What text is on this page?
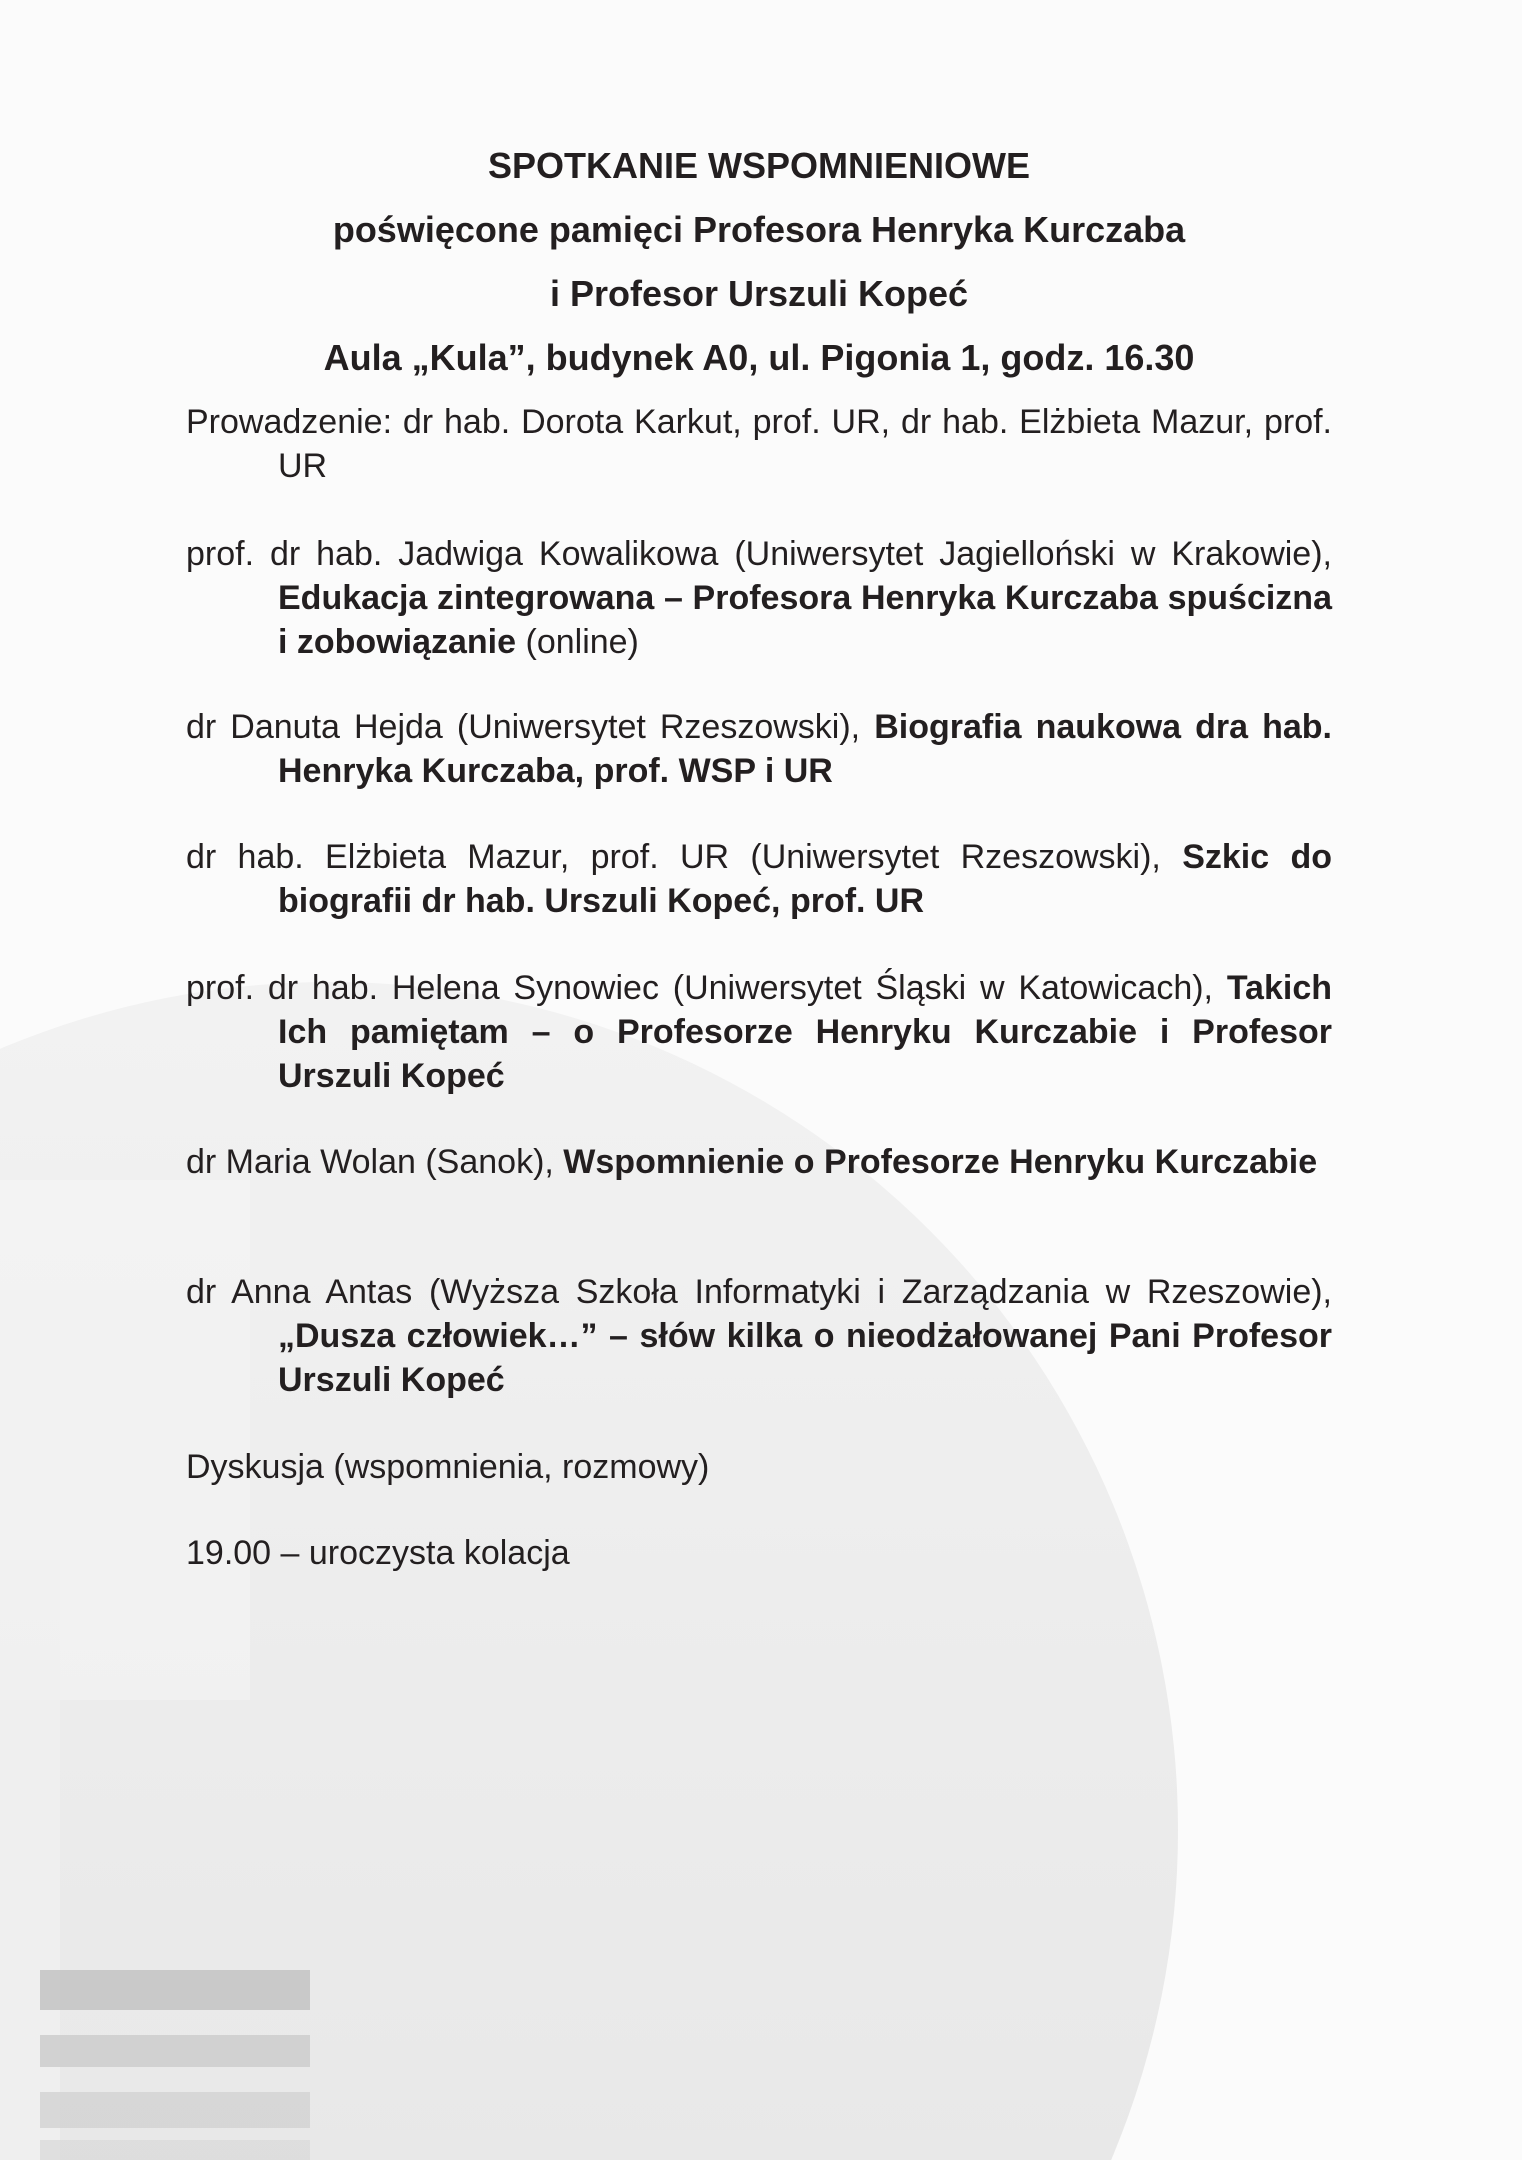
SPOTKANIE WSPOMNIENIOWE
poświęcone pamięci Profesora Henryka Kurczaba
i Profesor Urszuli Kopeć
Aula „Kula”, budynek A0, ul. Pigonia 1, godz. 16.30
Prowadzenie: dr hab. Dorota Karkut, prof. UR, dr hab. Elżbieta Mazur, prof. UR
prof. dr hab. Jadwiga Kowalikowa (Uniwersytet Jagielloński w Krakowie), Edukacja zintegrowana – Profesora Henryka Kurczaba spuścizna i zobowiązanie (online)
dr Danuta Hejda (Uniwersytet Rzeszowski), Biografia naukowa dra hab. Henryka Kurczaba, prof. WSP i UR
dr hab. Elżbieta Mazur, prof. UR (Uniwersytet Rzeszowski), Szkic do biografii dr hab. Urszuli Kopeć, prof. UR
prof. dr hab. Helena Synowiec (Uniwersytet Śląski w Katowicach), Takich Ich pamiętam – o Profesorze Henryku Kurczabie i Profesor Urszuli Kopeć
dr Maria Wolan (Sanok), Wspomnienie o Profesorze Henryku Kurczabie
dr Anna Antas (Wyższa Szkoła Informatyki i Zarządzania w Rzeszowie), „Dusza człowiek…” – słów kilka o nieodżałowanej Pani Profesor Urszuli Kopeć
Dyskusja (wspomnienia, rozmowy)
19.00 – uroczysta kolacja
